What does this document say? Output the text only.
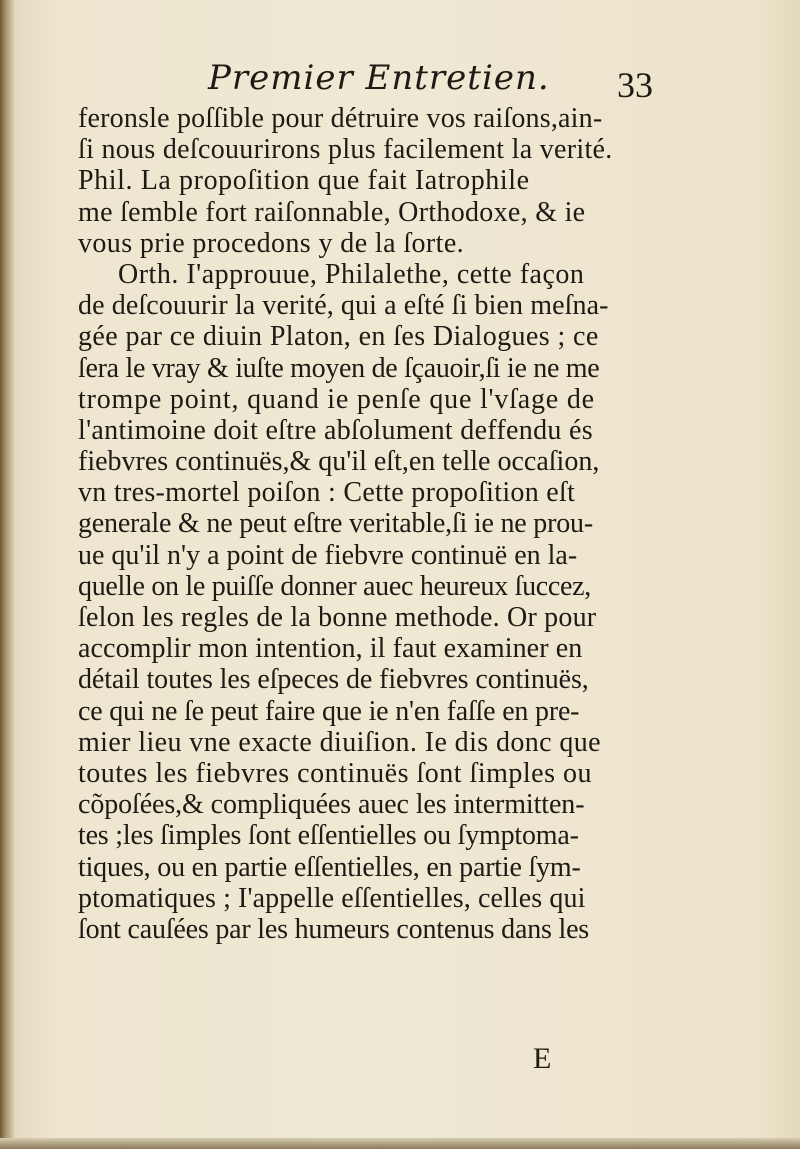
Premier Entretien. 33
feronsle poſſible pour détruire vos raiſons,ain-
ſi nous deſcouurirons plus facilement la verité.
Phil. La propoſition que fait Iatrophile
me ſemble fort raiſonnable, Orthodoxe, & ie
vous prie procedons y de la ſorte.
Orth. I'approuue, Philalethe, cette façon
de deſcouurir la verité, qui a eſté ſi bien meſna-
gée par ce diuin Platon, en ſes Dialogues ; ce
ſera le vray & iuſte moyen de ſçauoir,ſi ie ne me
trompe point, quand ie penſe que l'vſage de
l'antimoine doit eſtre abſolument deffendu és
fiebvres continuës,& qu'il eſt,en telle occaſion,
vn tres-mortel poiſon : Cette propoſition eſt
generale & ne peut eſtre veritable,ſi ie ne prou-
ue qu'il n'y a point de fiebvre continuë en la-
quelle on le puiſſe donner auec heureux ſuccez,
ſelon les regles de la bonne methode. Or pour
accomplir mon intention, il faut examiner en
détail toutes les eſpeces de fiebvres continuës,
ce qui ne ſe peut faire que ie n'en faſſe en pre-
mier lieu vne exacte diuiſion. Ie dis donc que
toutes les fiebvres continuës ſont ſimples ou
cõpoſées,& compliquées auec les intermitten-
tes ;les ſimples ſont eſſentielles ou ſymptoma-
tiques, ou en partie eſſentielles, en partie ſym-
ptomatiques ; I'appelle eſſentielles, celles qui
ſont cauſées par les humeurs contenus dans les
E
